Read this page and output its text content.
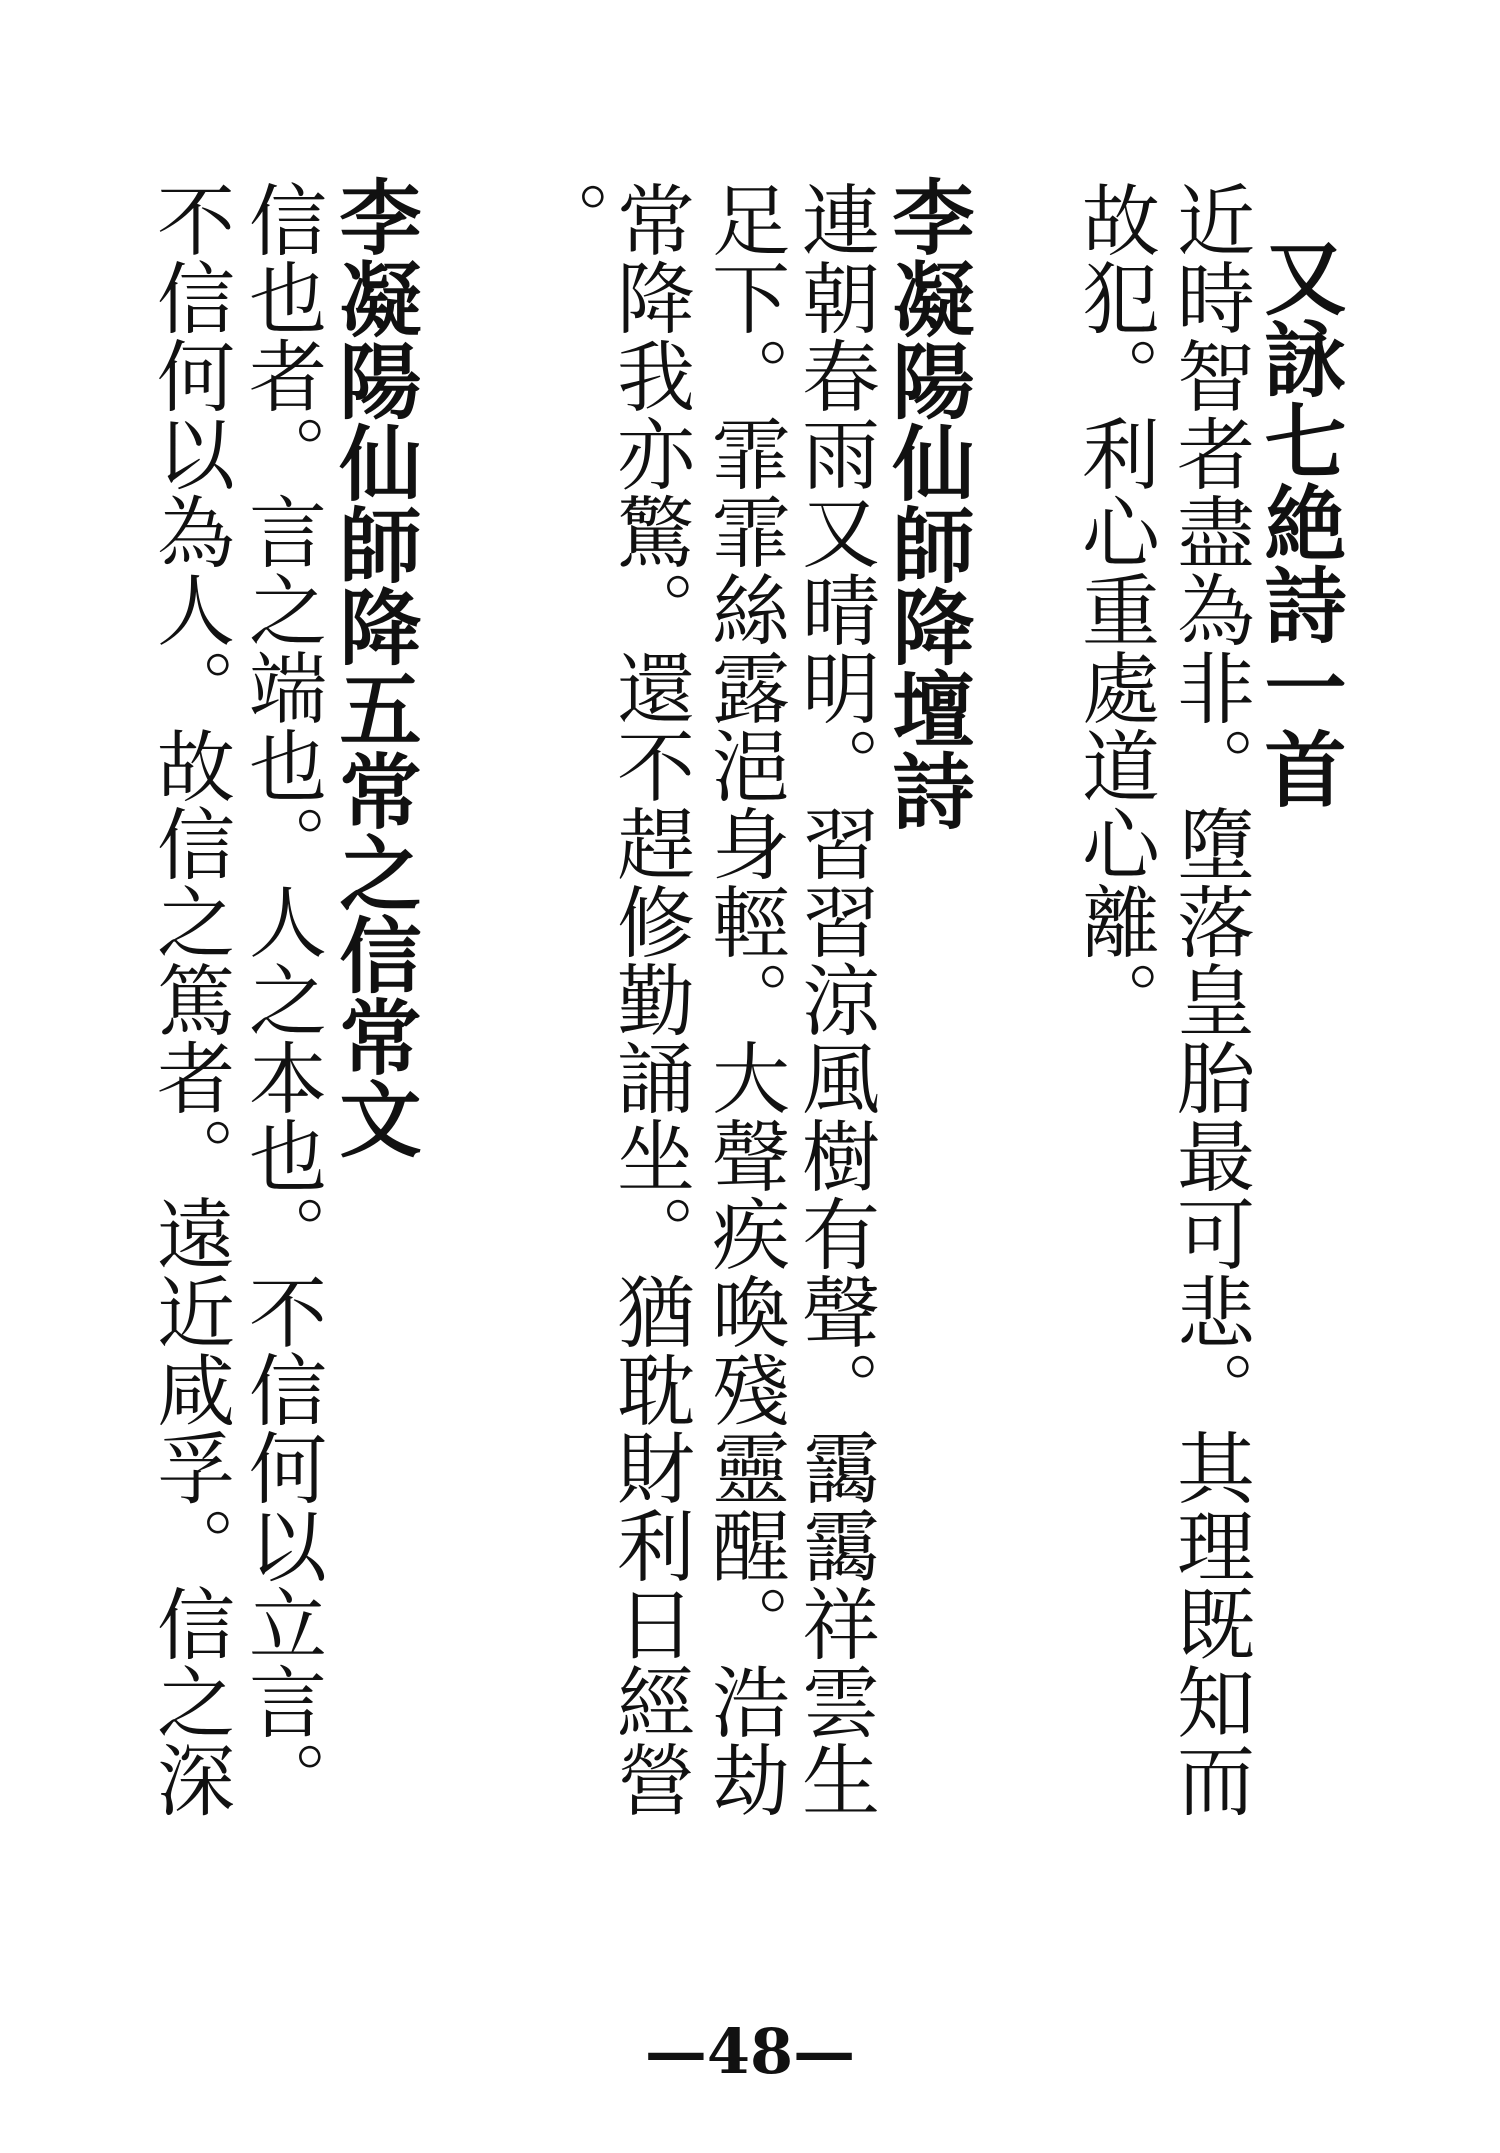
又詠七絶詩一首
近時智者盡為非。墮落皇胎最可悲。其理既知而
故犯。利心重處道心離。
李凝陽仙師降壇詩
連朝春雨又晴明。習習涼風樹有聲。靄靄祥雲生
足下。霏霏絲露浥身輕。大聲疾喚殘靈醒。浩劫
常降我亦驚。還不趕修勤誦坐。猶耽財利日經營
。
李凝陽仙師降五常之信常文
信也者。言之端也。人之本也。不信何以立言。
不信何以為人。故信之篤者。遠近咸孚。信之深
—48—
